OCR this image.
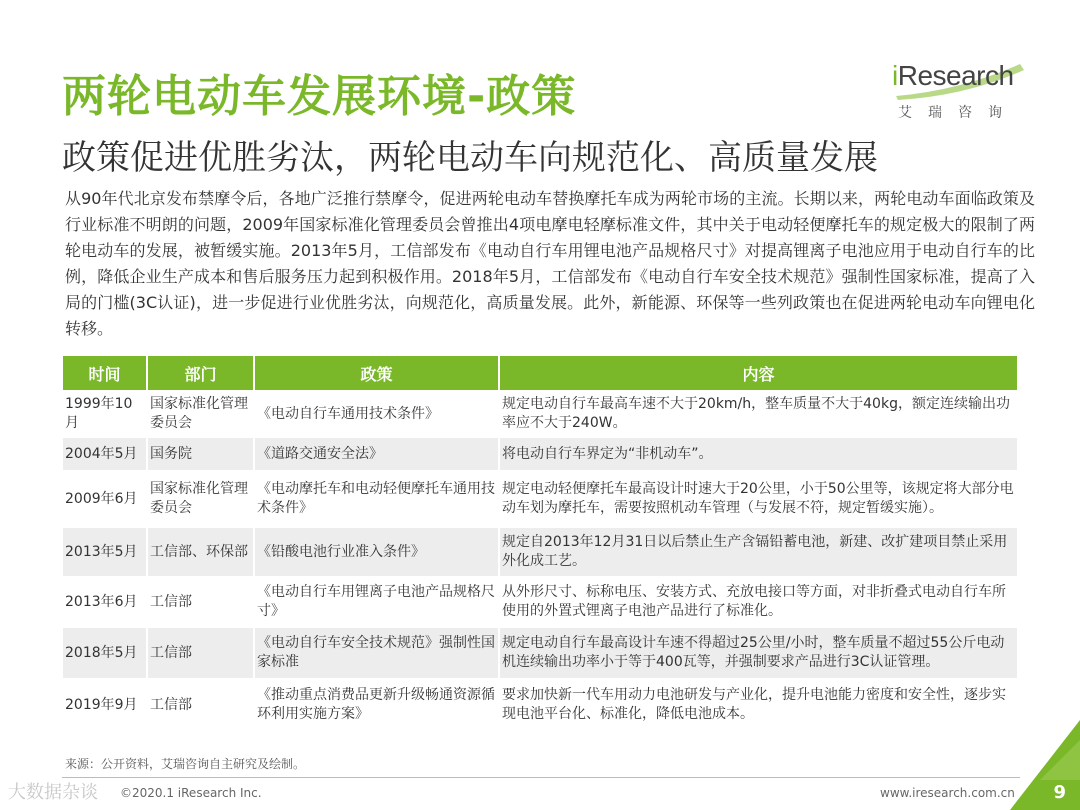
两轮电动车发展环境-政策
政策促进优胜劣汰，两轮电动车向规范化、高质量发展
iResearch
艾瑞咨询
从90年代北京发布禁摩令后，各地广泛推行禁摩令，促进两轮电动车替换摩托车成为两轮市场的主流。长期以来，两轮电动车面临政策及行业标准不明朗的问题，2009年国家标准化管理委员会曾推出4项电摩电轻摩标准文件，其中关于电动轻便摩托车的规定极大的限制了两轮电动车的发展，被暂缓实施。2013年5月，工信部发布《电动自行车用锂电池产品规格尺寸》对提高锂离子电池应用于电动自行车的比例，降低企业生产成本和售后服务压力起到积极作用。2018年5月，工信部发布《电动自行车安全技术规范》强制性国家标准，提高了入局的门槛(3C认证)，进一步促进行业优胜劣汰，向规范化，高质量发展。此外，新能源、环保等一些列政策也在促进两轮电动车向锂电化转移。
时间	部门	政策	内容
1999年10月	国家标准化管理委员会	《电动自行车通用技术条件》	规定电动自行车最高车速不大于20km/h，整车质量不大于40kg，额定连续输出功率应不大于240W。
2004年5月	国务院	《道路交通安全法》	将电动自行车界定为“非机动车”。
2009年6月	国家标准化管理委员会	《电动摩托车和电动轻便摩托车通用技术条件》	规定电动轻便摩托车最高设计时速大于20公里，小于50公里等，该规定将大部分电动车划为摩托车，需要按照机动车管理（与发展不符，规定暂缓实施）。
2013年5月	工信部、环保部	《铅酸电池行业准入条件》	规定自2013年12月31日以后禁止生产含镉铅蓄电池，新建、改扩建项目禁止采用外化成工艺。
2013年6月	工信部	《电动自行车用锂离子电池产品规格尺寸》	从外形尺寸、标称电压、安装方式、充放电接口等方面，对非折叠式电动自行车所使用的外置式锂离子电池产品进行了标准化。
2018年5月	工信部	《电动自行车安全技术规范》强制性国家标准	规定电动自行车最高设计车速不得超过25公里/小时，整车质量不超过55公斤电动机连续输出功率小于等于400瓦等，并强制要求产品进行3C认证管理。
2019年9月	工信部	《推动重点消费品更新升级畅通资源循环利用实施方案》	要求加快新一代车用动力电池研发与产业化，提升电池能力密度和安全性，逐步实现电池平台化、标准化，降低电池成本。
来源：公开资料，艾瑞咨询自主研究及绘制。
大数据杂谈 ©2020.1 iResearch Inc.	www.iresearch.com.cn 9
